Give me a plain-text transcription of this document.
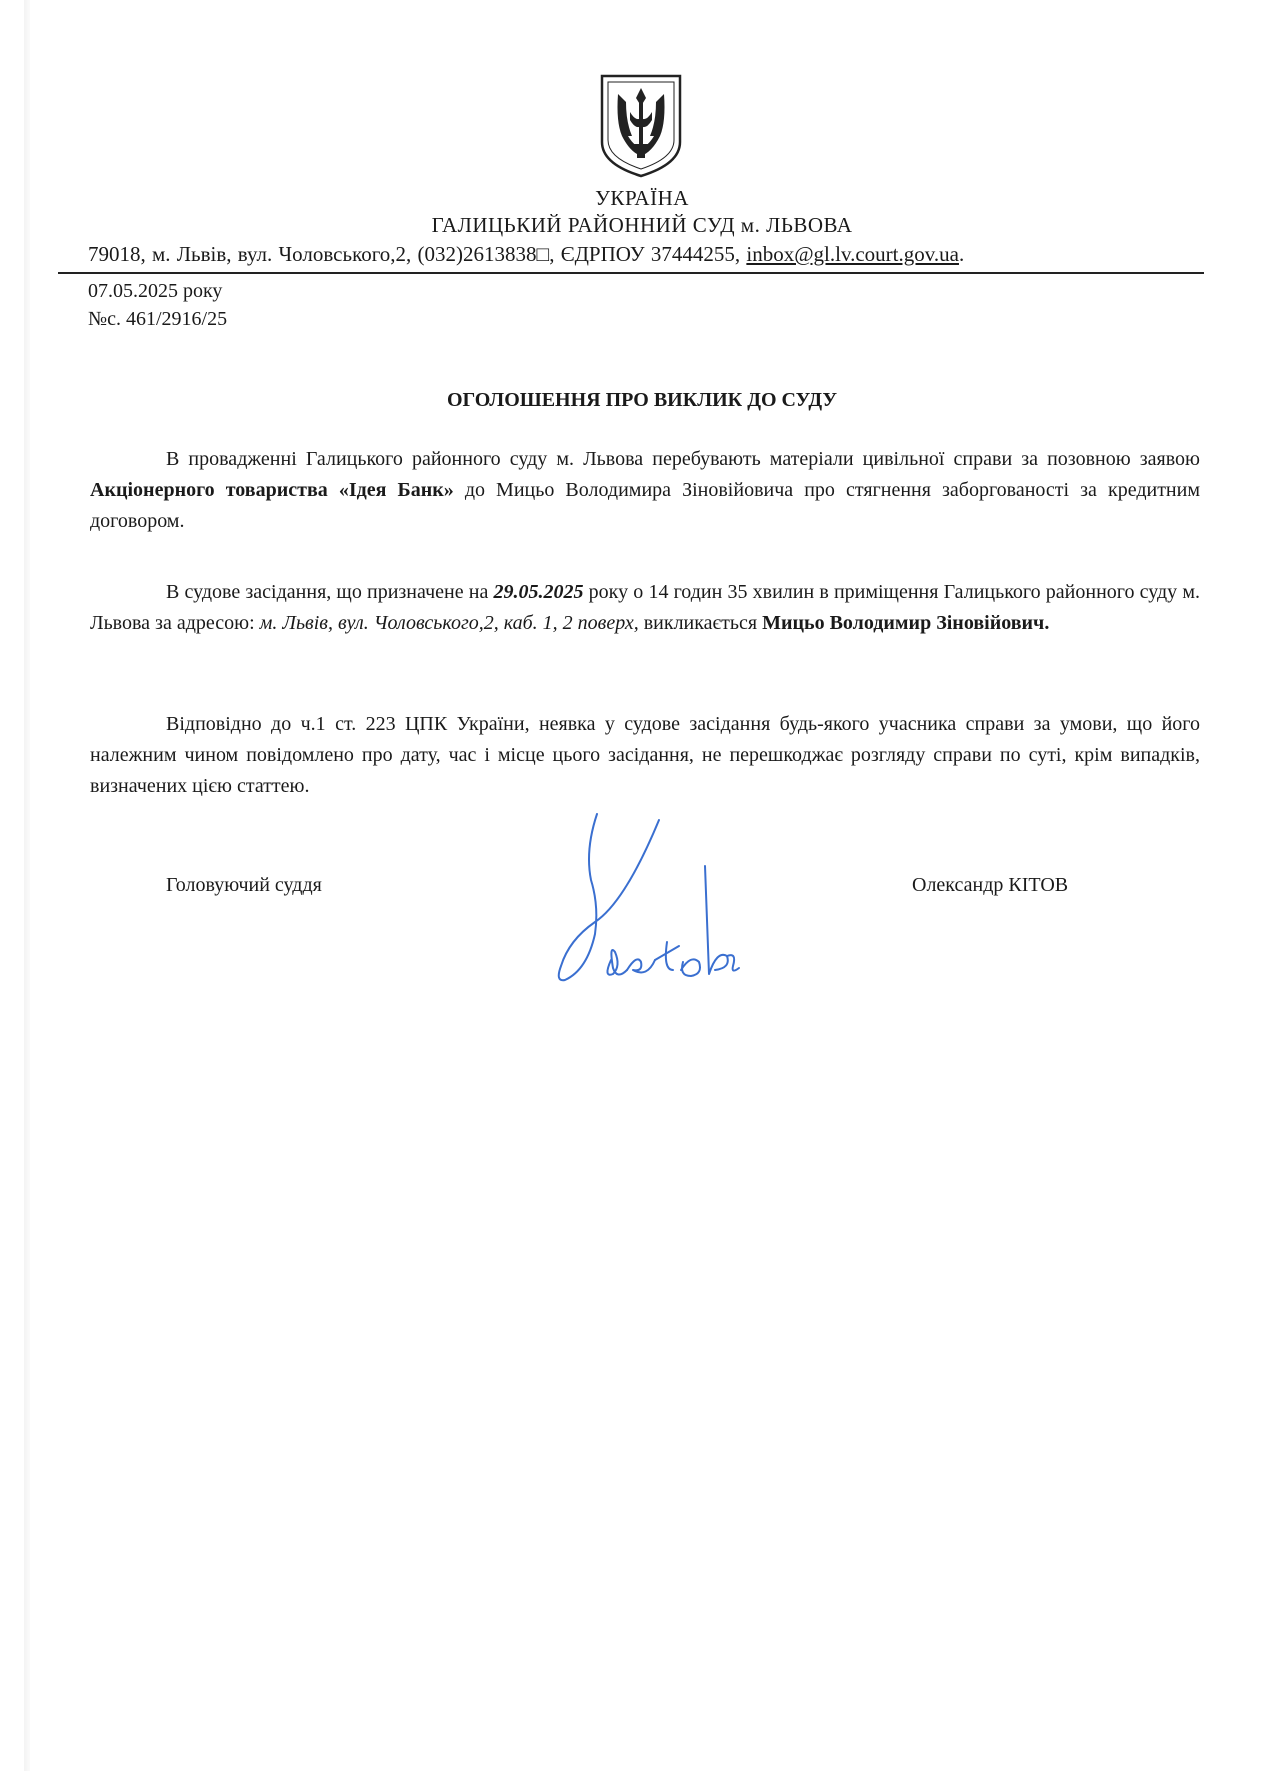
УКРАЇНА
ГАЛИЦЬКИЙ РАЙОННИЙ СУД м. ЛЬВОВА
79018, м. Львів, вул. Чоловського,2, (032)2613838□, ЄДРПОУ 37444255, inbox@gl.lv.court.gov.ua.
07.05.2025 року
№с. 461/2916/25
ОГОЛОШЕННЯ ПРО ВИКЛИК ДО СУДУ
В провадженні Галицького районного суду м. Львова перебувають матеріали цивільної справи за позовною заявою Акціонерного товариства «Ідея Банк» до Мицьо Володимира Зіновійовича про стягнення заборгованості за кредитним договором.
В судове засідання, що призначене на 29.05.2025 року о 14 годин 35 хвилин в приміщення Галицького районного суду м. Львова за адресою: м. Львів, вул. Чоловського,2, каб. 1, 2 поверх, викликається Мицьо Володимир Зіновійович.
Відповідно до ч.1 ст. 223 ЦПК України, неявка у судове засідання будь-якого учасника справи за умови, що його належним чином повідомлено про дату, час і місце цього засідання, не перешкоджає розгляду справи по суті, крім випадків, визначених цією статтею.
Головуючий суддя	Олександр КІТОВ
